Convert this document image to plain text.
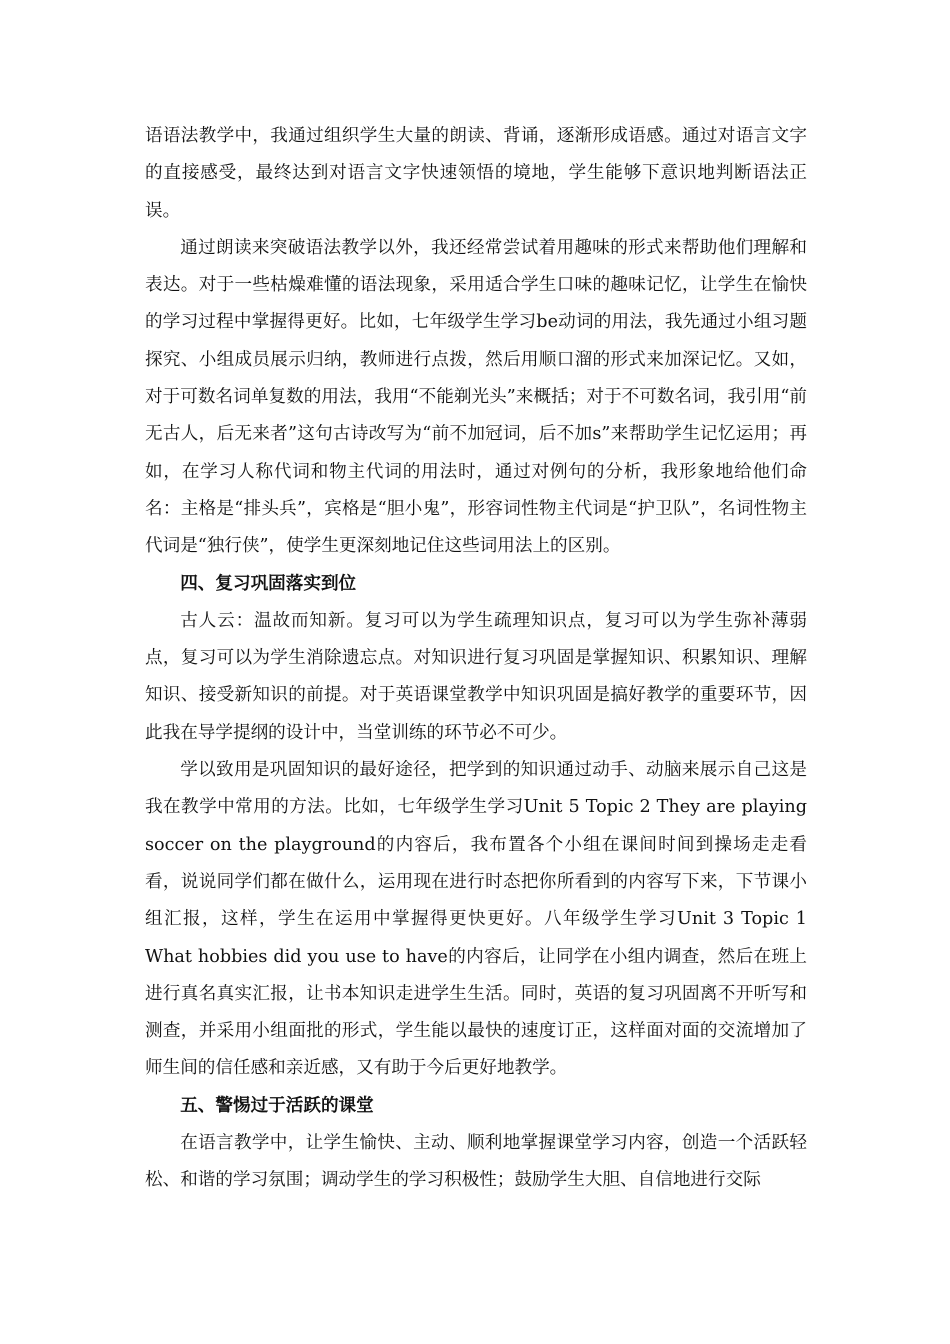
语语法教学中，我通过组织学生大量的朗读、背诵，逐渐形成语感。通过对语言文字的直接感受，最终达到对语言文字快速领悟的境地，学生能够下意识地判断语法正误。

通过朗读来突破语法教学以外，我还经常尝试着用趣味的形式来帮助他们理解和表达。对于一些枯燥难懂的语法现象，采用适合学生口味的趣味记忆，让学生在愉快的学习过程中掌握得更好。比如，七年级学生学习be动词的用法，我先通过小组习题探究、小组成员展示归纳，教师进行点拨，然后用顺口溜的形式来加深记忆。又如，对于可数名词单复数的用法，我用“不能剃光头”来概括；对于不可数名词，我引用“前无古人，后无来者”这句古诗改写为“前不加冠词，后不加s”来帮助学生记忆运用；再如，在学习人称代词和物主代词的用法时，通过对例句的分析，我形象地给他们命名：主格是“排头兵”，宾格是“胆小鬼”，形容词性物主代词是“护卫队”，名词性物主代词是“独行侠”，使学生更深刻地记住这些词用法上的区别。

四、复习巩固落实到位

古人云：温故而知新。复习可以为学生疏理知识点，复习可以为学生弥补薄弱点，复习可以为学生消除遗忘点。对知识进行复习巩固是掌握知识、积累知识、理解知识、接受新知识的前提。对于英语课堂教学中知识巩固是搞好教学的重要环节，因此我在导学提纲的设计中，当堂训练的环节必不可少。

学以致用是巩固知识的最好途径，把学到的知识通过动手、动脑来展示自己这是我在教学中常用的方法。比如，七年级学生学习Unit 5 Topic 2 They are playing soccer on the playground的内容后，我布置各个小组在课间时间到操场走走看看，说说同学们都在做什么，运用现在进行时态把你所看到的内容写下来，下节课小组汇报，这样，学生在运用中掌握得更快更好。八年级学生学习Unit 3 Topic 1 What hobbies did you use to have的内容后，让同学在小组内调查，然后在班上进行真名真实汇报，让书本知识走进学生生活。同时，英语的复习巩固离不开听写和测查，并采用小组面批的形式，学生能以最快的速度订正，这样面对面的交流增加了师生间的信任感和亲近感，又有助于今后更好地教学。

五、警惕过于活跃的课堂

在语言教学中，让学生愉快、主动、顺利地掌握课堂学习内容，创造一个活跃轻松、和谐的学习氛围；调动学生的学习积极性；鼓励学生大胆、自信地进行交际
